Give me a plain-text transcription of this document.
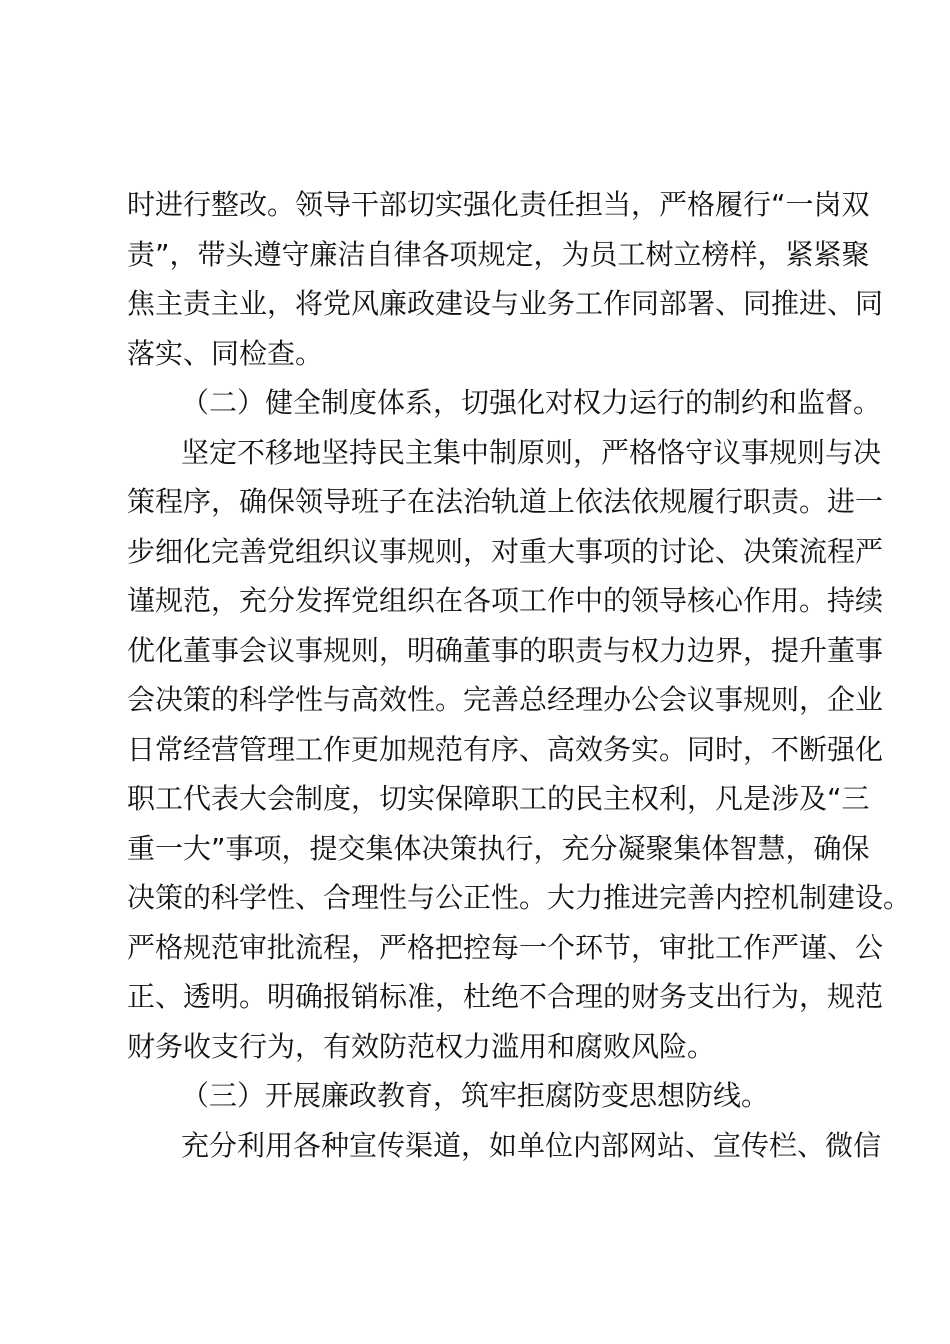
时进行整改。领导干部切实强化责任担当，严格履行“一岗双
责”，带头遵守廉洁自律各项规定，为员工树立榜样，紧紧聚
焦主责主业，将党风廉政建设与业务工作同部署、同推进、同
落实、同检查。
（二）健全制度体系，切强化对权力运行的制约和监督。
坚定不移地坚持民主集中制原则，严格恪守议事规则与决
策程序，确保领导班子在法治轨道上依法依规履行职责。进一
步细化完善党组织议事规则，对重大事项的讨论、决策流程严
谨规范，充分发挥党组织在各项工作中的领导核心作用。持续
优化董事会议事规则，明确董事的职责与权力边界，提升董事
会决策的科学性与高效性。完善总经理办公会议事规则，企业
日常经营管理工作更加规范有序、高效务实。同时，不断强化
职工代表大会制度，切实保障职工的民主权利，凡是涉及“三
重一大”事项，提交集体决策执行，充分凝聚集体智慧，确保
决策的科学性、合理性与公正性。大力推进完善内控机制建设。
严格规范审批流程，严格把控每一个环节，审批工作严谨、公
正、透明。明确报销标准，杜绝不合理的财务支出行为，规范
财务收支行为，有效防范权力滥用和腐败风险。
（三）开展廉政教育，筑牢拒腐防变思想防线。
充分利用各种宣传渠道，如单位内部网站、宣传栏、微信
